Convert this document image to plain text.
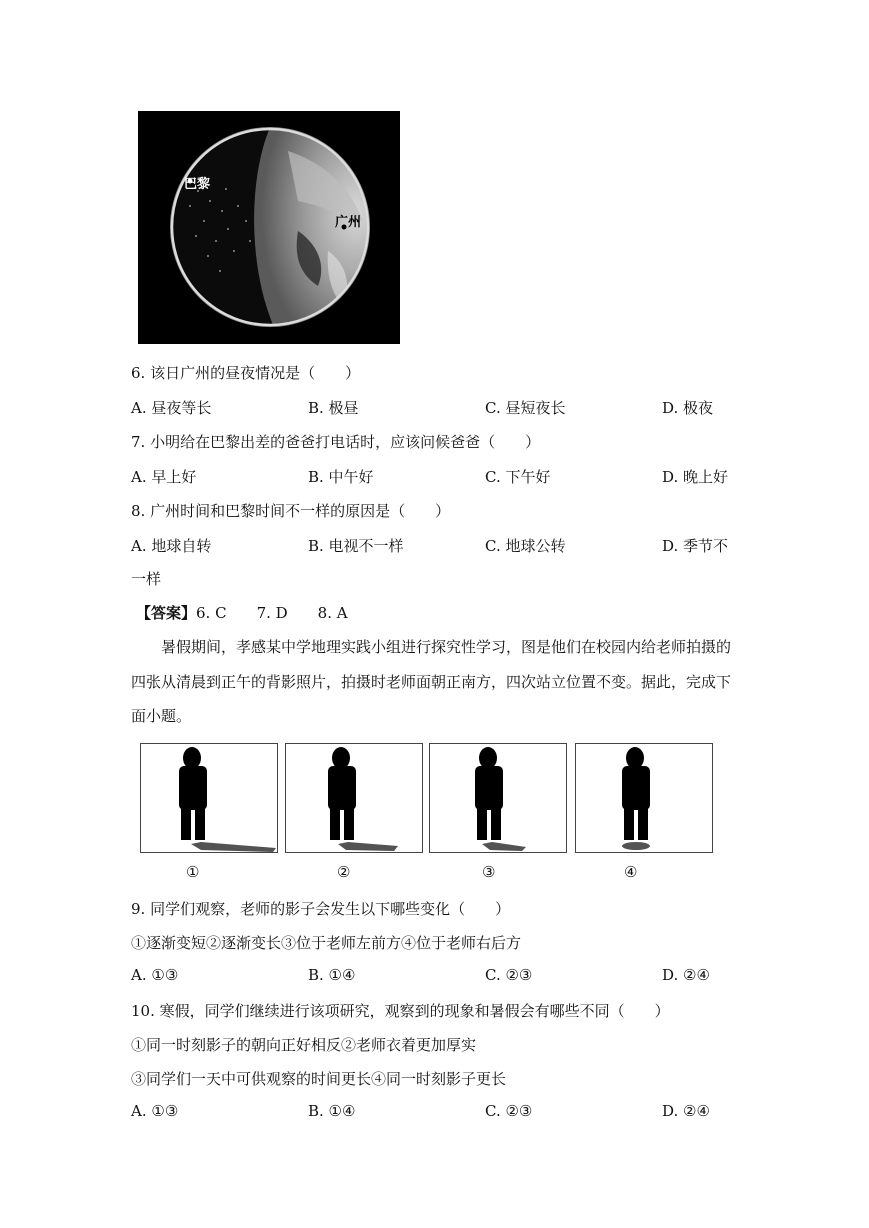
巴黎
广州
6. 该日广州的昼夜情况是（　　）
A. 昼夜等长	B. 极昼	C. 昼短夜长	D. 极夜
7. 小明给在巴黎出差的爸爸打电话时，应该问候爸爸（　　）
A. 早上好	B. 中午好	C. 下午好	D. 晚上好
8. 广州时间和巴黎时间不一样的原因是（　　）
A. 地球自转	B. 电视不一样	C. 地球公转	D. 季节不
一样
【答案】6. C　　7. D　　8. A
暑假期间，孝感某中学地理实践小组进行探究性学习，图是他们在校园内给老师拍摄的
四张从清晨到正午的背影照片，拍摄时老师面朝正南方，四次站立位置不变。据此，完成下
面小题。
①	②	③	④
9. 同学们观察，老师的影子会发生以下哪些变化（　　）
①逐渐变短②逐渐变长③位于老师左前方④位于老师右后方
A. ①③	B. ①④	C. ②③	D. ②④
10. 寒假，同学们继续进行该项研究，观察到的现象和暑假会有哪些不同（　　）
①同一时刻影子的朝向正好相反②老师衣着更加厚实
③同学们一天中可供观察的时间更长④同一时刻影子更长
A. ①③	B. ①④	C. ②③	D. ②④
